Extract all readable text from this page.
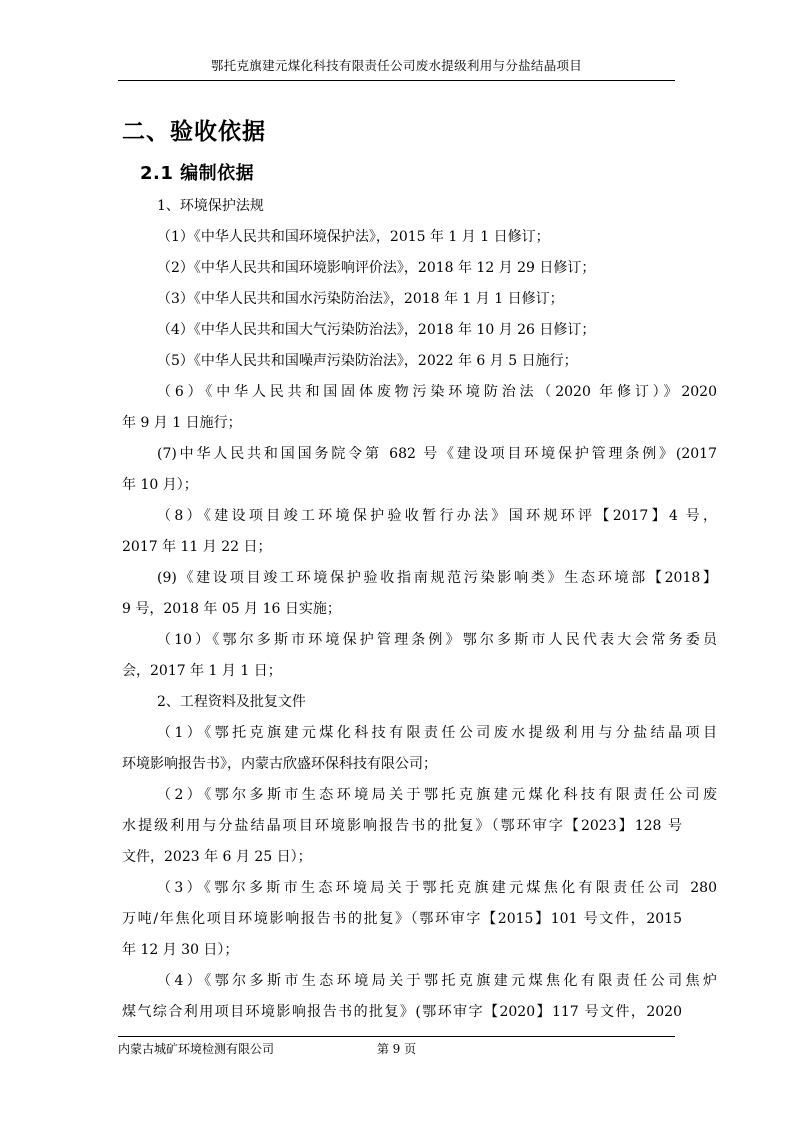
鄂托克旗建元煤化科技有限责任公司废水提级利用与分盐结晶项目
二、验收依据
2.1 编制依据
1、环境保护法规
（1）《中华人民共和国环境保护法》，2015 年 1 月 1 日修订；
（2）《中华人民共和国环境影响评价法》，2018 年 12 月 29 日修订；
（3）《中华人民共和国水污染防治法》，2018 年 1 月 1 日修订；
（4）《中华人民共和国大气污染防治法》，2018 年 10 月 26 日修订；
（5）《中华人民共和国噪声污染防治法》，2022 年 6 月 5 日施行；
（6）《中华人民共和国固体废物污染环境防治法（2020 年修订）》2020
年 9 月 1 日施行；
(7)中华人民共和国国务院令第 682 号《建设项目环境保护管理条例》(2017
年 10 月）；
（8）《建设项目竣工环境保护验收暂行办法》国环规环评【2017】4 号，
2017 年 11 月 22 日；
(9)《建设项目竣工环境保护验收指南规范污染影响类》生态环境部【2018】
9 号，2018 年 05 月 16 日实施；
（10）《鄂尔多斯市环境保护管理条例》鄂尔多斯市人民代表大会常务委员
会，2017 年 1 月 1 日；
2、工程资料及批复文件
（1）《鄂托克旗建元煤化科技有限责任公司废水提级利用与分盐结晶项目
环境影响报告书》，内蒙古欣盛环保科技有限公司；
（2）《鄂尔多斯市生态环境局关于鄂托克旗建元煤化科技有限责任公司废
水提级利用与分盐结晶项目环境影响报告书的批复》（鄂环审字【2023】128 号
文件，2023 年 6 月 25 日）；
（3）《鄂尔多斯市生态环境局关于鄂托克旗建元煤焦化有限责任公司 280
万吨/年焦化项目环境影响报告书的批复》（鄂环审字【2015】101 号文件，2015
年 12 月 30 日）；
（4）《鄂尔多斯市生态环境局关于鄂托克旗建元煤焦化有限责任公司焦炉
煤气综合利用项目环境影响报告书的批复》(鄂环审字【2020】117 号文件，2020
内蒙古城矿环境检测有限公司	第 9 页
